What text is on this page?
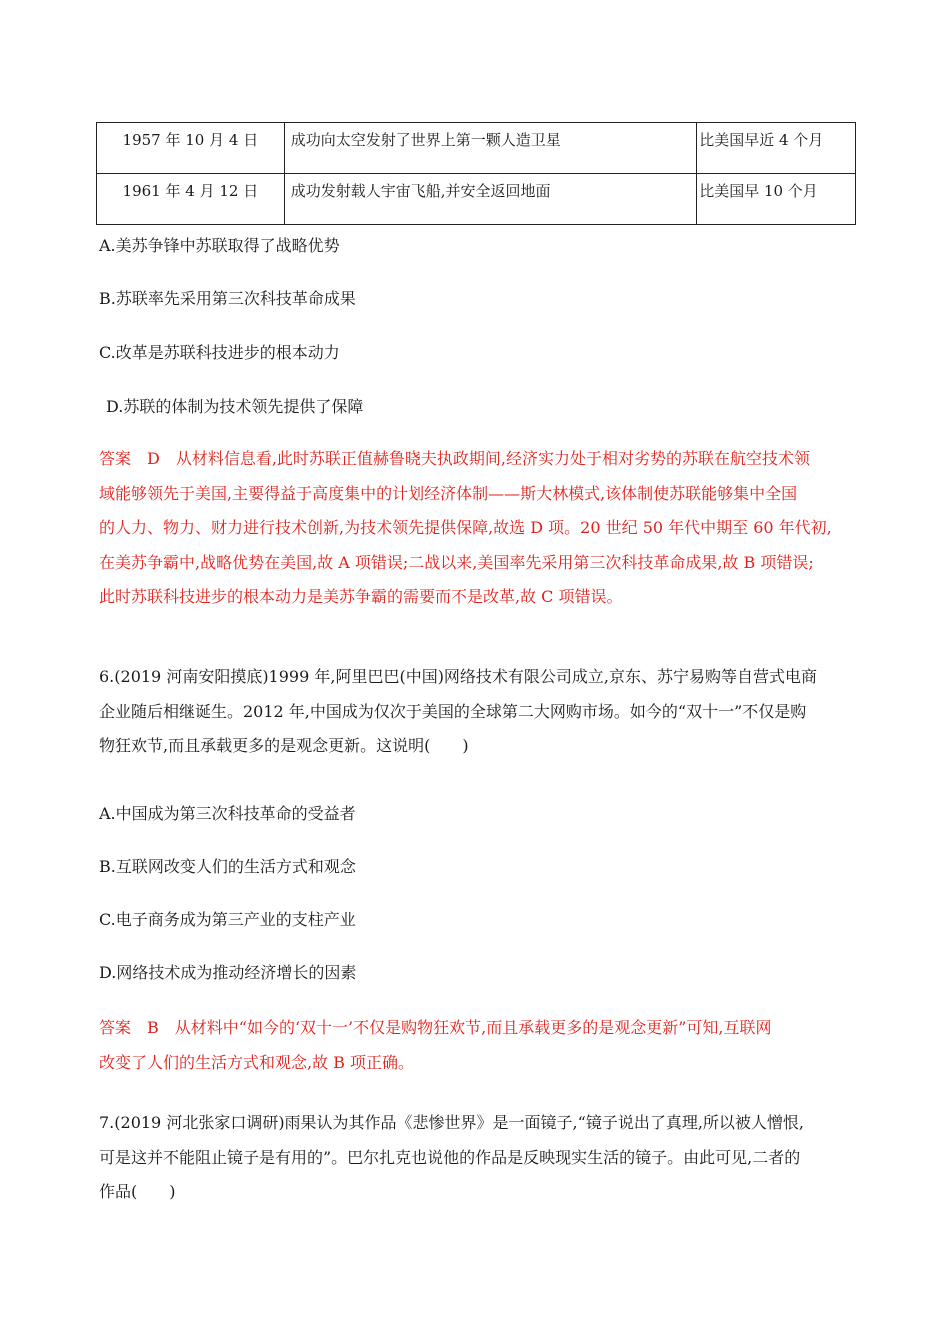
1957 年 10 月 4 日	成功向太空发射了世界上第一颗人造卫星	比美国早近 4 个月
1961 年 4 月 12 日	成功发射载人宇宙飞船,并安全返回地面	比美国早 10 个月
A.美苏争锋中苏联取得了战略优势
B.苏联率先采用第三次科技革命成果
C.改革是苏联科技进步的根本动力
D.苏联的体制为技术领先提供了保障
答案　D　从材料信息看,此时苏联正值赫鲁晓夫执政期间,经济实力处于相对劣势的苏联在航空技术领
域能够领先于美国,主要得益于高度集中的计划经济体制——斯大林模式,该体制使苏联能够集中全国
的人力、物力、财力进行技术创新,为技术领先提供保障,故选 D 项。20 世纪 50 年代中期至 60 年代初,
在美苏争霸中,战略优势在美国,故 A 项错误;二战以来,美国率先采用第三次科技革命成果,故 B 项错误;
此时苏联科技进步的根本动力是美苏争霸的需要而不是改革,故 C 项错误。
6.(2019 河南安阳摸底)1999 年,阿里巴巴(中国)网络技术有限公司成立,京东、苏宁易购等自营式电商
企业随后相继诞生。2012 年,中国成为仅次于美国的全球第二大网购市场。如今的“双十一”不仅是购
物狂欢节,而且承载更多的是观念更新。这说明(　　)
A.中国成为第三次科技革命的受益者
B.互联网改变人们的生活方式和观念
C.电子商务成为第三产业的支柱产业
D.网络技术成为推动经济增长的因素
答案　B　从材料中“如今的‘双十一’不仅是购物狂欢节,而且承载更多的是观念更新”可知,互联网
改变了人们的生活方式和观念,故 B 项正确。
7.(2019 河北张家口调研)雨果认为其作品《悲惨世界》是一面镜子,“镜子说出了真理,所以被人憎恨,
可是这并不能阻止镜子是有用的”。巴尔扎克也说他的作品是反映现实生活的镜子。由此可见,二者的
作品(　　)
